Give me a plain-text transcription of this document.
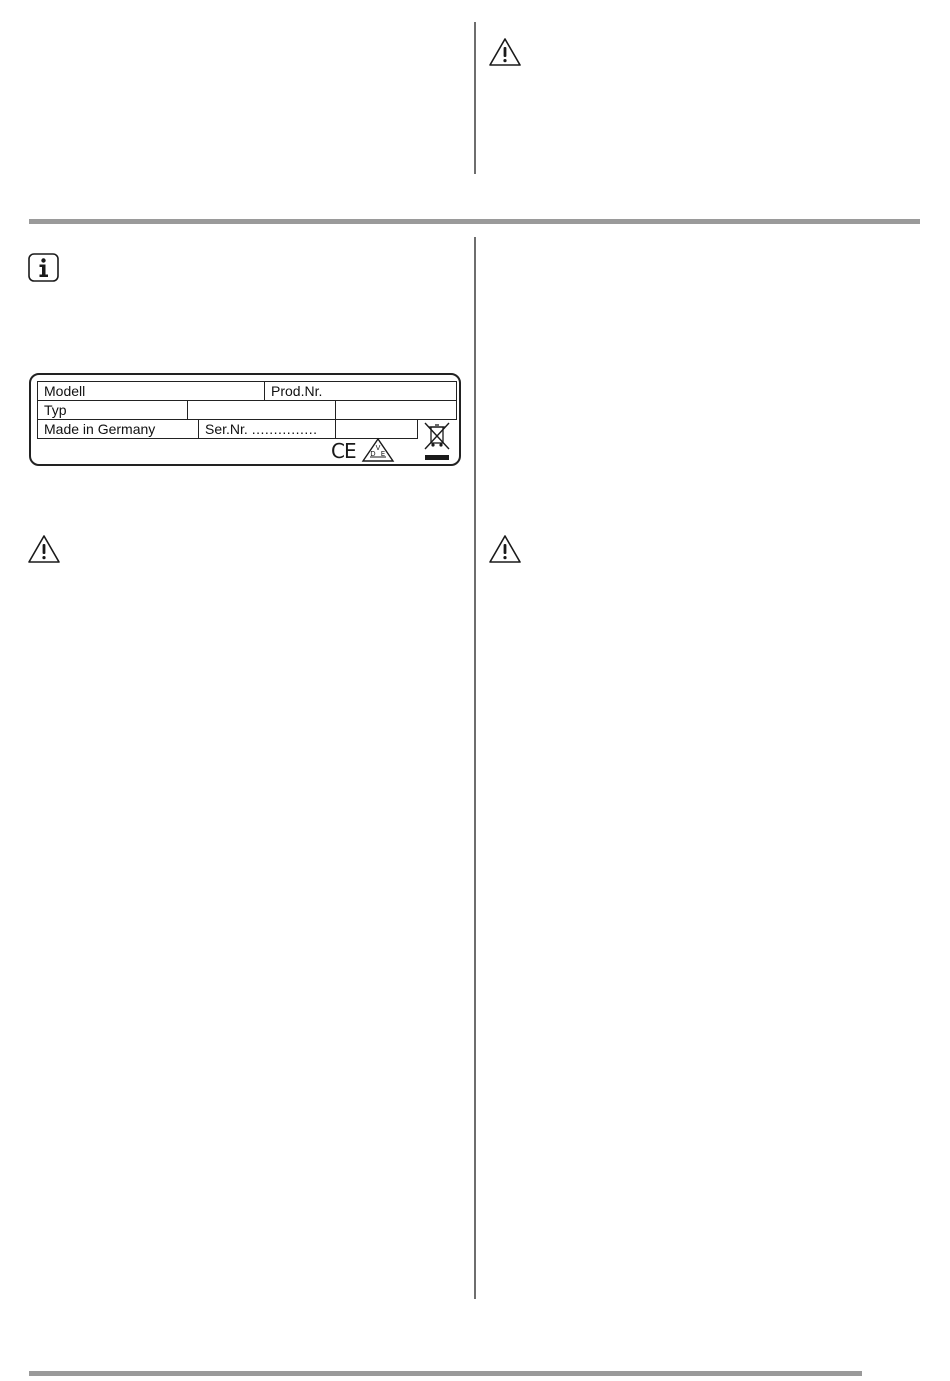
Modell	Prod.Nr.
Typ
Made in Germany	Ser.Nr. ...............
CE	V
D E
